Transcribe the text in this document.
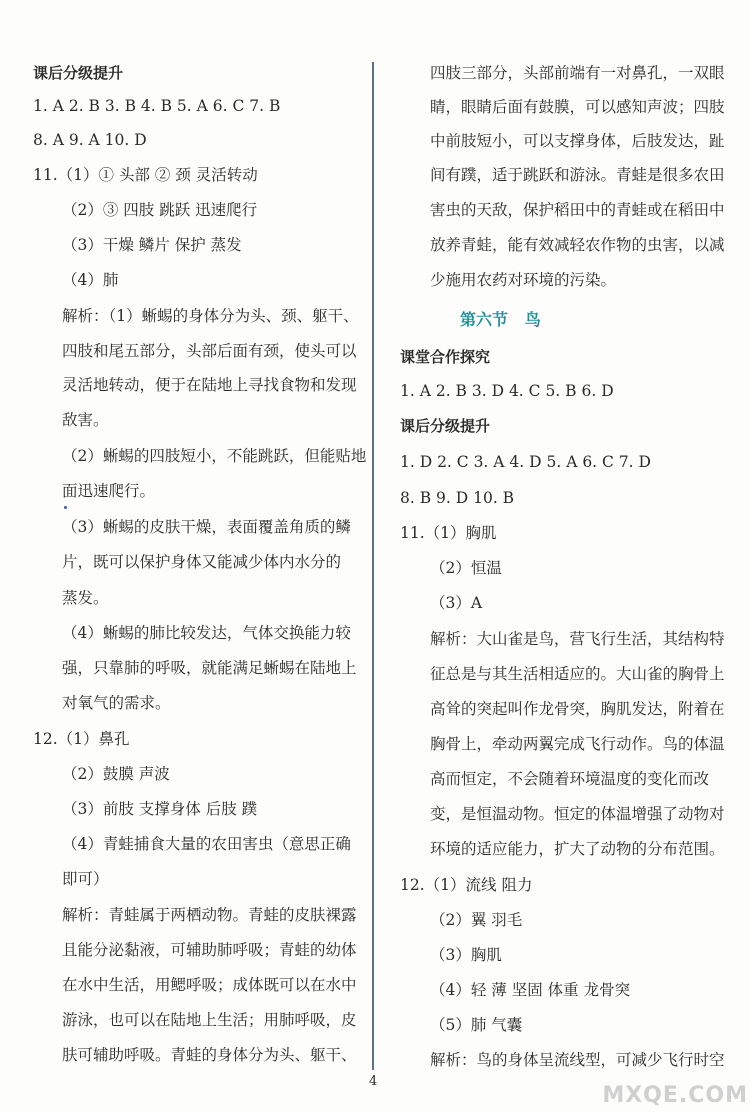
课后分级提升
1. A 2. B 3. B 4. B 5. A 6. C 7. B
8. A 9. A 10. D
11.（1）① 头部 ② 颈 灵活转动
（2）③ 四肢 跳跃 迅速爬行
（3）干燥 鳞片 保护 蒸发
（4）肺
解析：（1）蜥蜴的身体分为头、颈、躯干、
四肢和尾五部分，头部后面有颈，使头可以
灵活地转动，便于在陆地上寻找食物和发现
敌害。
（2）蜥蜴的四肢短小，不能跳跃，但能贴地
面迅速爬行。
（3）蜥蜴的皮肤干燥，表面覆盖角质的鳞
片，既可以保护身体又能减少体内水分的
蒸发。
（4）蜥蜴的肺比较发达，气体交换能力较
强，只靠肺的呼吸，就能满足蜥蜴在陆地上
对氧气的需求。
12.（1）鼻孔
（2）鼓膜 声波
（3）前肢 支撑身体 后肢 蹼
（4）青蛙捕食大量的农田害虫（意思正确
即可）
解析：青蛙属于两栖动物。青蛙的皮肤裸露
且能分泌黏液，可辅助肺呼吸；青蛙的幼体
在水中生活，用鳃呼吸；成体既可以在水中
游泳，也可以在陆地上生活；用肺呼吸，皮
肤可辅助呼吸。青蛙的身体分为头、躯干、
四肢三部分，头部前端有一对鼻孔，一双眼
睛，眼睛后面有鼓膜，可以感知声波；四肢
中前肢短小，可以支撑身体，后肢发达，趾
间有蹼，适于跳跃和游泳。青蛙是很多农田
害虫的天敌，保护稻田中的青蛙或在稻田中
放养青蛙，能有效减轻农作物的虫害，以减
少施用农药对环境的污染。
第六节   鸟
课堂合作探究
1. A 2. B 3. D 4. C 5. B 6. D
课后分级提升
1. D 2. C 3. A 4. D 5. A 6. C 7. D
8. B 9. D 10. B
11.（1）胸肌
（2）恒温
（3）A
解析：大山雀是鸟，营飞行生活，其结构特
征总是与其生活相适应的。大山雀的胸骨上
高耸的突起叫作龙骨突，胸肌发达，附着在
胸骨上，牵动两翼完成飞行动作。鸟的体温
高而恒定，不会随着环境温度的变化而改
变，是恒温动物。恒定的体温增强了动物对
环境的适应能力，扩大了动物的分布范围。
12.（1）流线 阻力
（2）翼 羽毛
（3）胸肌
（4）轻 薄 坚固 体重 龙骨突
（5）肺 气囊
解析：鸟的身体呈流线型，可减少飞行时空
4
MXQE.COM
